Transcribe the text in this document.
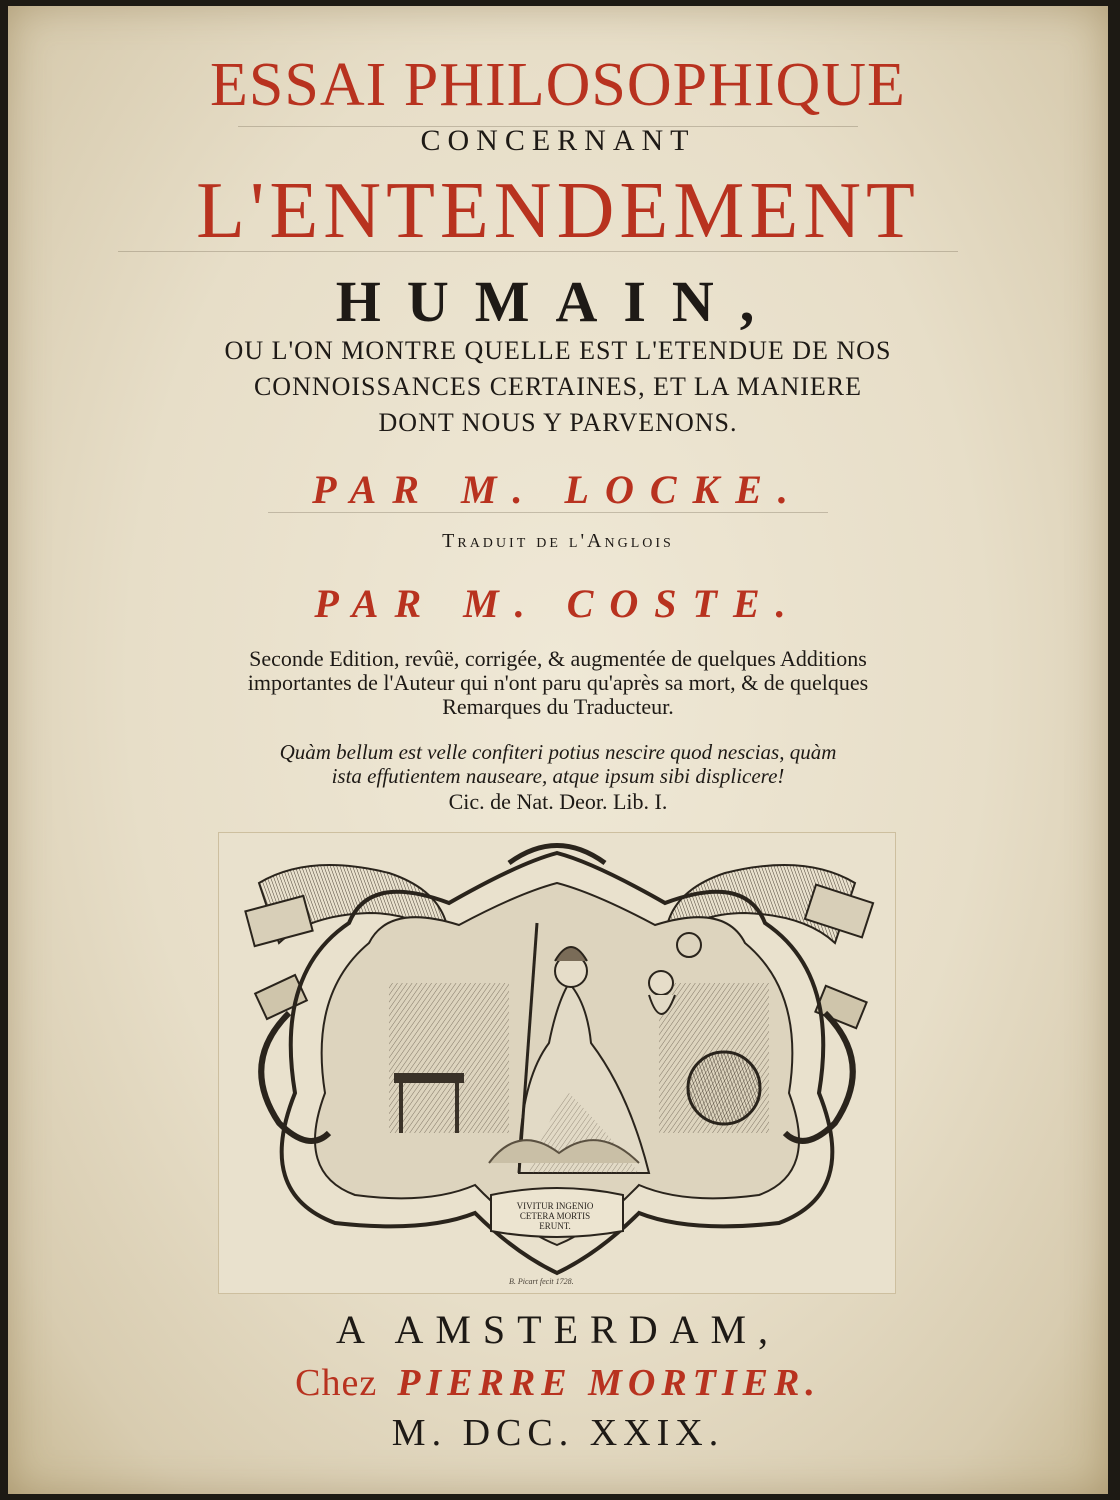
ESSAI PHILOSOPHIQUE
CONCERNANT
L'ENTENDEMENT
HUMAIN,
OU L'ON MONTRE QUELLE EST L'ETENDUE DE NOS
CONNOISSANCES CERTAINES, ET LA MANIERE
DONT NOUS Y PARVENONS.
PAR M. LOCKE.
Traduit de l'Anglois
PAR M. COSTE.
Seconde Edition, revûë, corrigée, & augmentée de quelques Additions
importantes de l'Auteur qui n'ont paru qu'après sa mort, & de quelques
Remarques du Traducteur.
Quàm bellum est velle confiteri potius nescire quod nescias, quàm
ista effutientem nauseare, atque ipsum sibi displicere!
Cic. de Nat. Deor. Lib. I.
VIVITUR INGENIO
CETERA MORTIS
ERUNT.
B. Picart fecit 1728.
A AMSTERDAM,
Chez PIERRE MORTIER.
M. DCC. XXIX.
